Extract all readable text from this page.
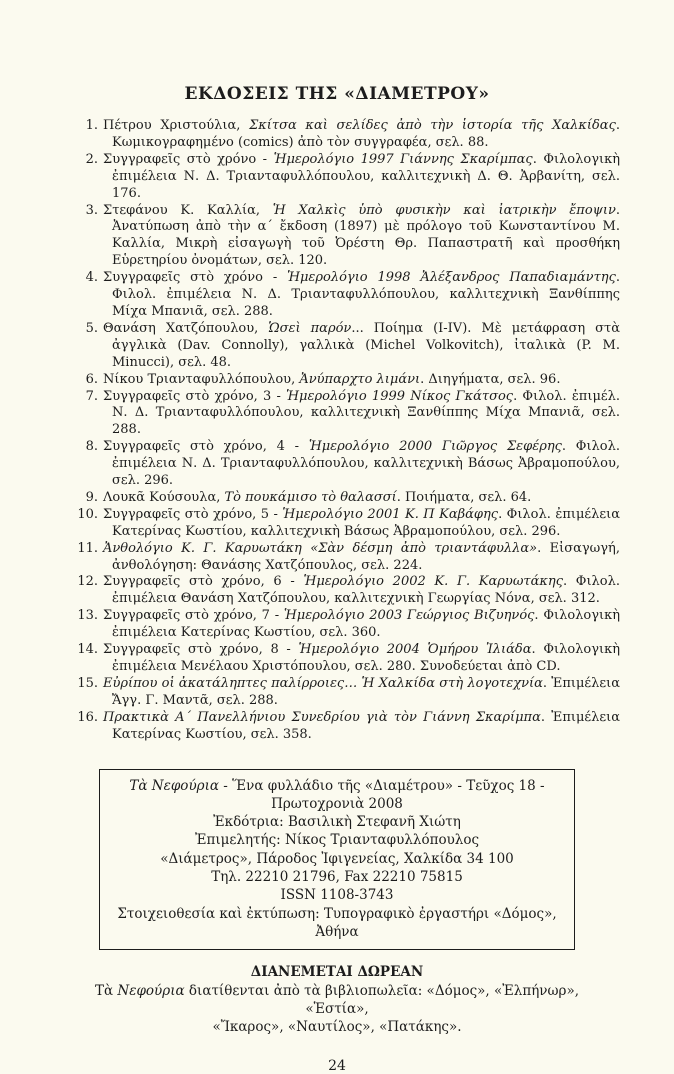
ΕΚΔΟΣΕΙΣ ΤΗΣ «ΔΙΑΜΕΤΡΟΥ»
1. Πέτρου Χριστούλια, Σκίτσα καὶ σελίδες ἀπὸ τὴν ἱστορία τῆς Χαλκίδας. Κωμικογραφημένο (comics) ἀπὸ τὸν συγγραφέα, σελ. 88.
2. Συγγραφεῖς στὸ χρόνο - Ἡμερολόγιο 1997 Γιάννης Σκαρίμπας. Φιλολογικὴ ἐπιμέλεια Ν. Δ. Τριανταφυλλόπουλου, καλλιτεχνικὴ Δ. Θ. Ἀρβανίτη, σελ. 176.
3. Στεφάνου Κ. Καλλία, Ἡ Χαλκὶς ὑπὸ φυσικὴν καὶ ἰατρικὴν ἔποψιν. Ἀνατύπωση ἀπὸ τὴν α΄ ἔκδοση (1897) μὲ πρόλογο τοῦ Κωνσταντίνου Μ. Καλλία, Μικρὴ εἰσαγωγὴ τοῦ Ὀρέστη Θρ. Παπαστρατῆ καὶ προσθήκη Εὑρετηρίου ὀνομάτων, σελ. 120.
4. Συγγραφεῖς στὸ χρόνο - Ἡμερολόγιο 1998 Ἀλέξανδρος Παπαδιαμάντης. Φιλολ. ἐπιμέλεια Ν. Δ. Τριανταφυλλόπουλου, καλλιτεχνικὴ Ξανθίππης Μίχα Μπανιᾶ, σελ. 288.
5. Θανάση Χατζόπουλου, Ὡσεὶ παρόν... Ποίημα (I-IV). Μὲ μετάφραση στὰ ἀγγλικὰ (Dav. Connolly), γαλλικὰ (Michel Volkovitch), ἰταλικὰ (P. M. Minucci), σελ. 48.
6. Νίκου Τριανταφυλλόπουλου, Ἀνύπαρχτο λιμάνι. Διηγήματα, σελ. 96.
7. Συγγραφεῖς στὸ χρόνο, 3 - Ἡμερολόγιο 1999 Νίκος Γκάτσος. Φιλολ. ἐπιμέλ. Ν. Δ. Τριανταφυλλόπουλου, καλλιτεχνικὴ Ξανθίππης Μίχα Μπανιᾶ, σελ. 288.
8. Συγγραφεῖς στὸ χρόνο, 4 - Ἡμερολόγιο 2000 Γιῶργος Σεφέρης. Φιλολ. ἐπιμέλεια Ν. Δ. Τριανταφυλλόπουλου, καλλιτεχνικὴ Βάσως Ἀβραμοπούλου, σελ. 296.
9. Λουκᾶ Κούσουλα, Τὸ πουκάμισο τὸ θαλασσί. Ποιήματα, σελ. 64.
10. Συγγραφεῖς στὸ χρόνο, 5 - Ἡμερολόγιο 2001 Κ. Π Καβάφης. Φιλολ. ἐπιμέλεια Κατερίνας Κωστίου, καλλιτεχνικὴ Βάσως Ἀβραμοπούλου, σελ. 296.
11. Ἀνθολόγιο Κ. Γ. Καρυωτάκη «Σὰν δέσμη ἀπὸ τριαντάφυλλα». Εἰσαγωγή, ἀνθολόγηση: Θανάσης Χατζόπουλος, σελ. 224.
12. Συγγραφεῖς στὸ χρόνο, 6 - Ἡμερολόγιο 2002 Κ. Γ. Καρυωτάκης. Φιλολ. ἐπιμέλεια Θανάση Χατζόπουλου, καλλιτεχνικὴ Γεωργίας Νόνα, σελ. 312.
13. Συγγραφεῖς στὸ χρόνο, 7 - Ἡμερολόγιο 2003 Γεώργιος Βιζυηνός. Φιλολογικὴ ἐπιμέλεια Κατερίνας Κωστίου, σελ. 360.
14. Συγγραφεῖς στὸ χρόνο, 8 - Ἡμερολόγιο 2004 Ὁμήρου Ἰλιάδα. Φιλολογικὴ ἐπιμέλεια Μενέλαου Χριστόπουλου, σελ. 280. Συνοδεύεται ἀπὸ CD.
15. Εὐρίπου οἱ ἀκατάληπτες παλίρροιες… Ἡ Χαλκίδα στὴ λογοτεχνία. Ἐπιμέλεια Ἄγγ. Γ. Μαντᾶ, σελ. 288.
16. Πρακτικὰ Α΄ Πανελλήνιου Συνεδρίου γιὰ τὸν Γιάννη Σκαρίμπα. Ἐπιμέλεια Κατερίνας Κωστίου, σελ. 358.
Τὰ Νεφούρια - Ἕνα φυλλάδιο τῆς «Διαμέτρου» - Τεῦχος 18 - Πρωτοχρονιὰ 2008
Ἐκδότρια: Βασιλικὴ Στεφανῆ Χιώτη
Ἐπιμελητής: Νίκος Τριανταφυλλόπουλος
«Διάμετρος», Πάροδος Ἰφιγενείας, Χαλκίδα 34 100
Τηλ. 22210 21796, Fax 22210 75815
ISSN 1108-3743
Στοιχειοθεσία καὶ ἐκτύπωση: Τυπογραφικὸ ἐργαστήρι «Δόμος», Ἀθήνα
ΔΙΑΝΕΜΕΤΑΙ ΔΩΡΕΑΝ
Τὰ Νεφούρια διατίθενται ἀπὸ τὰ βιβλιοπωλεῖα: «Δόμος», «Ἐλπήνωρ», «Ἑστία»,
«Ἴκαρος», «Ναυτίλος», «Πατάκης».
24
